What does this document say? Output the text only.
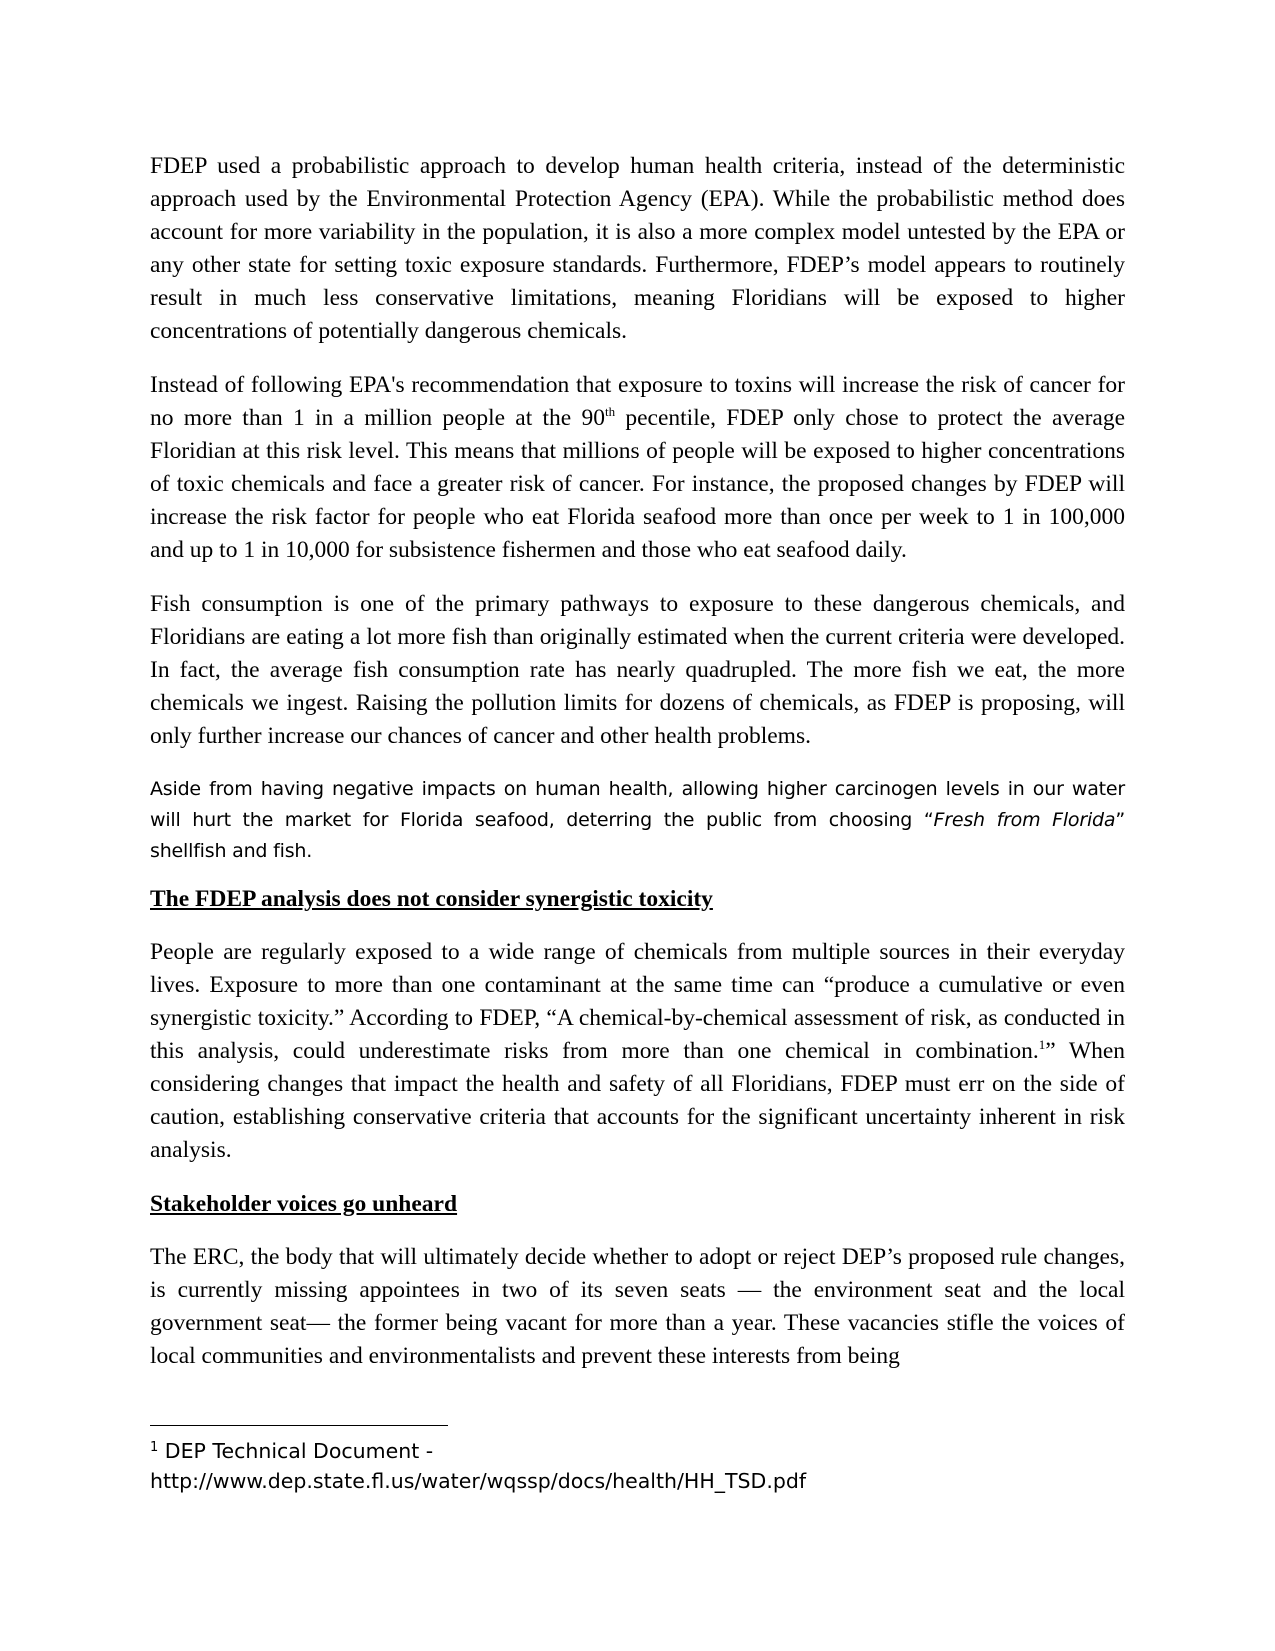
FDEP used a probabilistic approach to develop human health criteria, instead of the deterministic approach used by the Environmental Protection Agency (EPA). While the probabilistic method does account for more variability in the population, it is also a more complex model untested by the EPA or any other state for setting toxic exposure standards. Furthermore, FDEP’s model appears to routinely result in much less conservative limitations, meaning Floridians will be exposed to higher concentrations of potentially dangerous chemicals.

Instead of following EPA's recommendation that exposure to toxins will increase the risk of cancer for no more than 1 in a million people at the 90th pecentile, FDEP only chose to protect the average Floridian at this risk level. This means that millions of people will be exposed to higher concentrations of toxic chemicals and face a greater risk of cancer. For instance, the proposed changes by FDEP will increase the risk factor for people who eat Florida seafood more than once per week to 1 in 100,000 and up to 1 in 10,000 for subsistence fishermen and those who eat seafood daily.

Fish consumption is one of the primary pathways to exposure to these dangerous chemicals, and Floridians are eating a lot more fish than originally estimated when the current criteria were developed. In fact, the average fish consumption rate has nearly quadrupled. The more fish we eat, the more chemicals we ingest. Raising the pollution limits for dozens of chemicals, as FDEP is proposing, will only further increase our chances of cancer and other health problems.

Aside from having negative impacts on human health, allowing higher carcinogen levels in our water will hurt the market for Florida seafood, deterring the public from choosing “Fresh from Florida” shellfish and fish.

The FDEP analysis does not consider synergistic toxicity

People are regularly exposed to a wide range of chemicals from multiple sources in their everyday lives. Exposure to more than one contaminant at the same time can “produce a cumulative or even synergistic toxicity.” According to FDEP, “A chemical-by-chemical assessment of risk, as conducted in this analysis, could underestimate risks from more than one chemical in combination.$^1$” When considering changes that impact the health and safety of all Floridians, FDEP must err on the side of caution, establishing conservative criteria that accounts for the significant uncertainty inherent in risk analysis.

Stakeholder voices go unheard

The ERC, the body that will ultimately decide whether to adopt or reject DEP’s proposed rule changes, is currently missing appointees in two of its seven seats — the environment seat and the local government seat— the former being vacant for more than a year. These vacancies stifle the voices of local communities and environmentalists and prevent these interests from being

$^1$ DEP Technical Document -
http://www.dep.state.fl.us/water/wqssp/docs/health/HH_TSD.pdf
